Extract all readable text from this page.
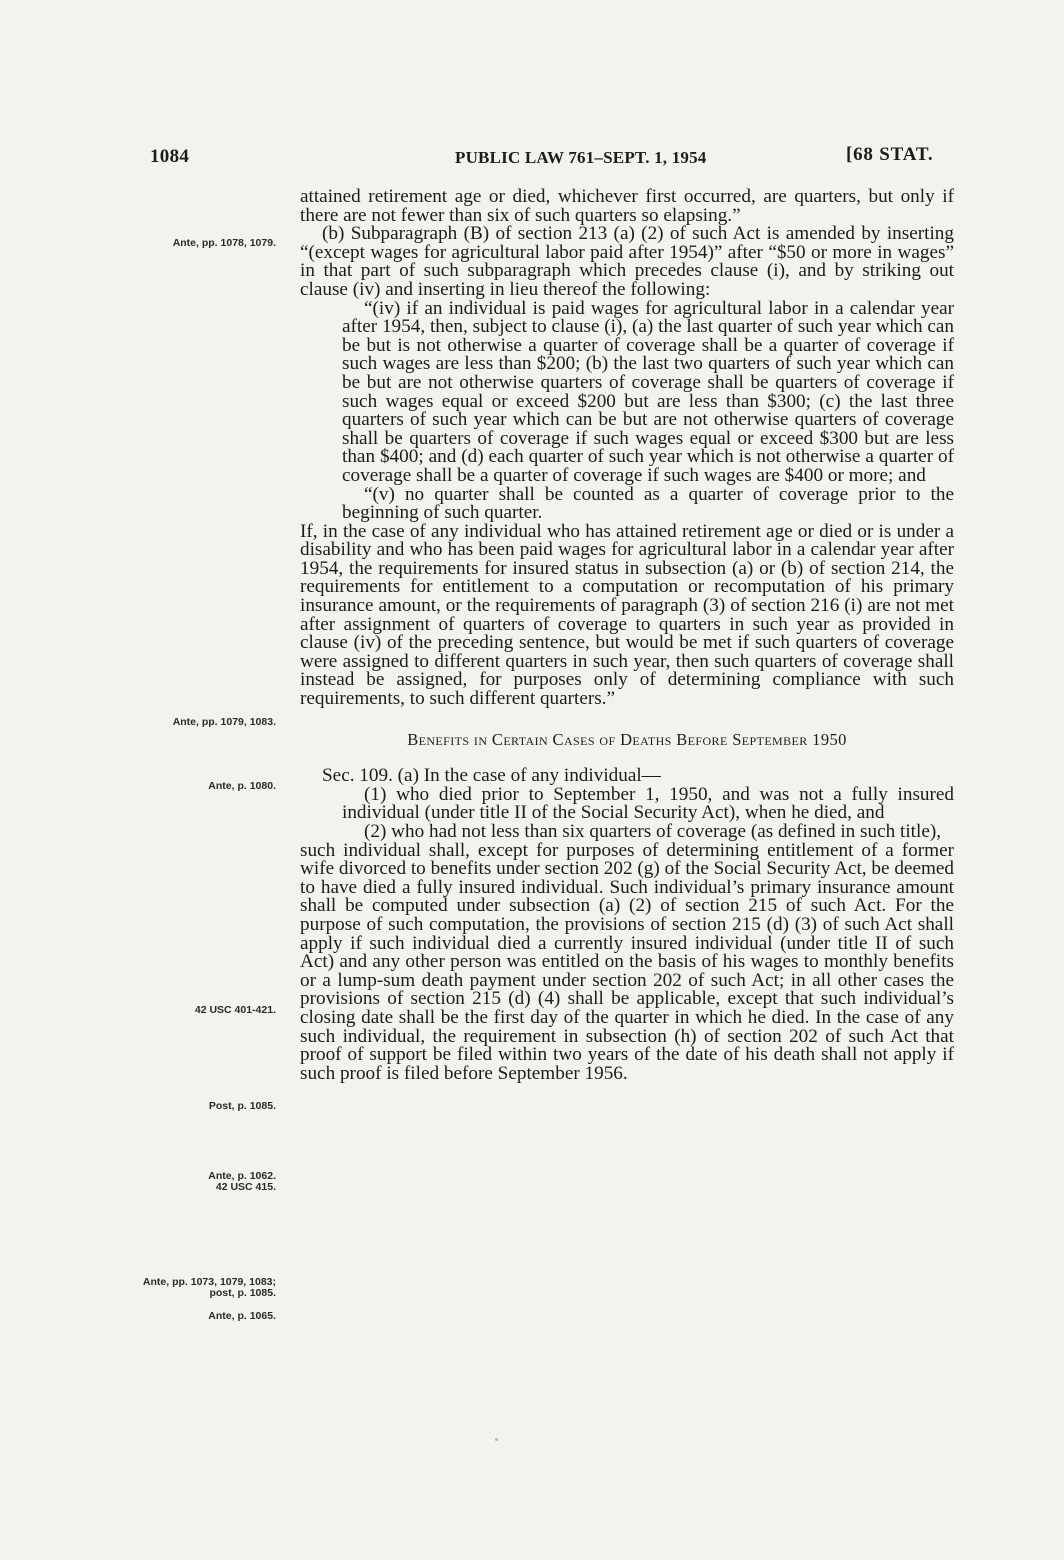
1084	PUBLIC LAW 761–SEPT. 1, 1954	[68 STAT.
Ante, pp. 1078, 1079.
Ante, pp. 1079, 1083.
Ante, p. 1080.
42 USC 401-421.
Post, p. 1085.
Ante, p. 1062.
42 USC 415.
Ante, pp. 1073, 1079, 1083; post, p. 1085.
Ante, p. 1065.

attained retirement age or died, whichever first occurred, are quarters, but only if there are not fewer than six of such quarters so elapsing.”

(b) Subparagraph (B) of section 213 (a) (2) of such Act is amended by inserting “(except wages for agricultural labor paid after 1954)” after “$50 or more in wages” in that part of such subparagraph which precedes clause (i), and by striking out clause (iv) and inserting in lieu thereof the following:

“(iv) if an individual is paid wages for agricultural labor in a calendar year after 1954, then, subject to clause (i), (a) the last quarter of such year which can be but is not otherwise a quarter of coverage shall be a quarter of coverage if such wages are less than $200; (b) the last two quarters of such year which can be but are not otherwise quarters of coverage shall be quarters of coverage if such wages equal or exceed $200 but are less than $300; (c) the last three quarters of such year which can be but are not otherwise quarters of coverage shall be quarters of coverage if such wages equal or exceed $300 but are less than $400; and (d) each quarter of such year which is not otherwise a quarter of coverage shall be a quarter of coverage if such wages are $400 or more; and

“(v) no quarter shall be counted as a quarter of coverage prior to the beginning of such quarter.

If, in the case of any individual who has attained retirement age or died or is under a disability and who has been paid wages for agricultural labor in a calendar year after 1954, the requirements for insured status in subsection (a) or (b) of section 214, the requirements for entitlement to a computation or recomputation of his primary insurance amount, or the requirements of paragraph (3) of section 216 (i) are not met after assignment of quarters of coverage to quarters in such year as provided in clause (iv) of the preceding sentence, but would be met if such quarters of coverage were assigned to different quarters in such year, then such quarters of coverage shall instead be assigned, for purposes only of determining compliance with such requirements, to such different quarters.”

Benefits in Certain Cases of Deaths Before September 1950

Sec. 109. (a) In the case of any individual—

(1) who died prior to September 1, 1950, and was not a fully insured individual (under title II of the Social Security Act), when he died, and

(2) who had not less than six quarters of coverage (as defined in such title),

such individual shall, except for purposes of determining entitlement of a former wife divorced to benefits under section 202 (g) of the Social Security Act, be deemed to have died a fully insured individual. Such individual’s primary insurance amount shall be computed under subsection (a) (2) of section 215 of such Act. For the purpose of such computation, the provisions of section 215 (d) (3) of such Act shall apply if such individual died a currently insured individual (under title II of such Act) and any other person was entitled on the basis of his wages to monthly benefits or a lump-sum death payment under section 202 of such Act; in all other cases the provisions of section 215 (d) (4) shall be applicable, except that such individual’s closing date shall be the first day of the quarter in which he died. In the case of any such individual, the requirement in subsection (h) of section 202 of such Act that proof of support be filed within two years of the date of his death shall not apply if such proof is filed before September 1956.
